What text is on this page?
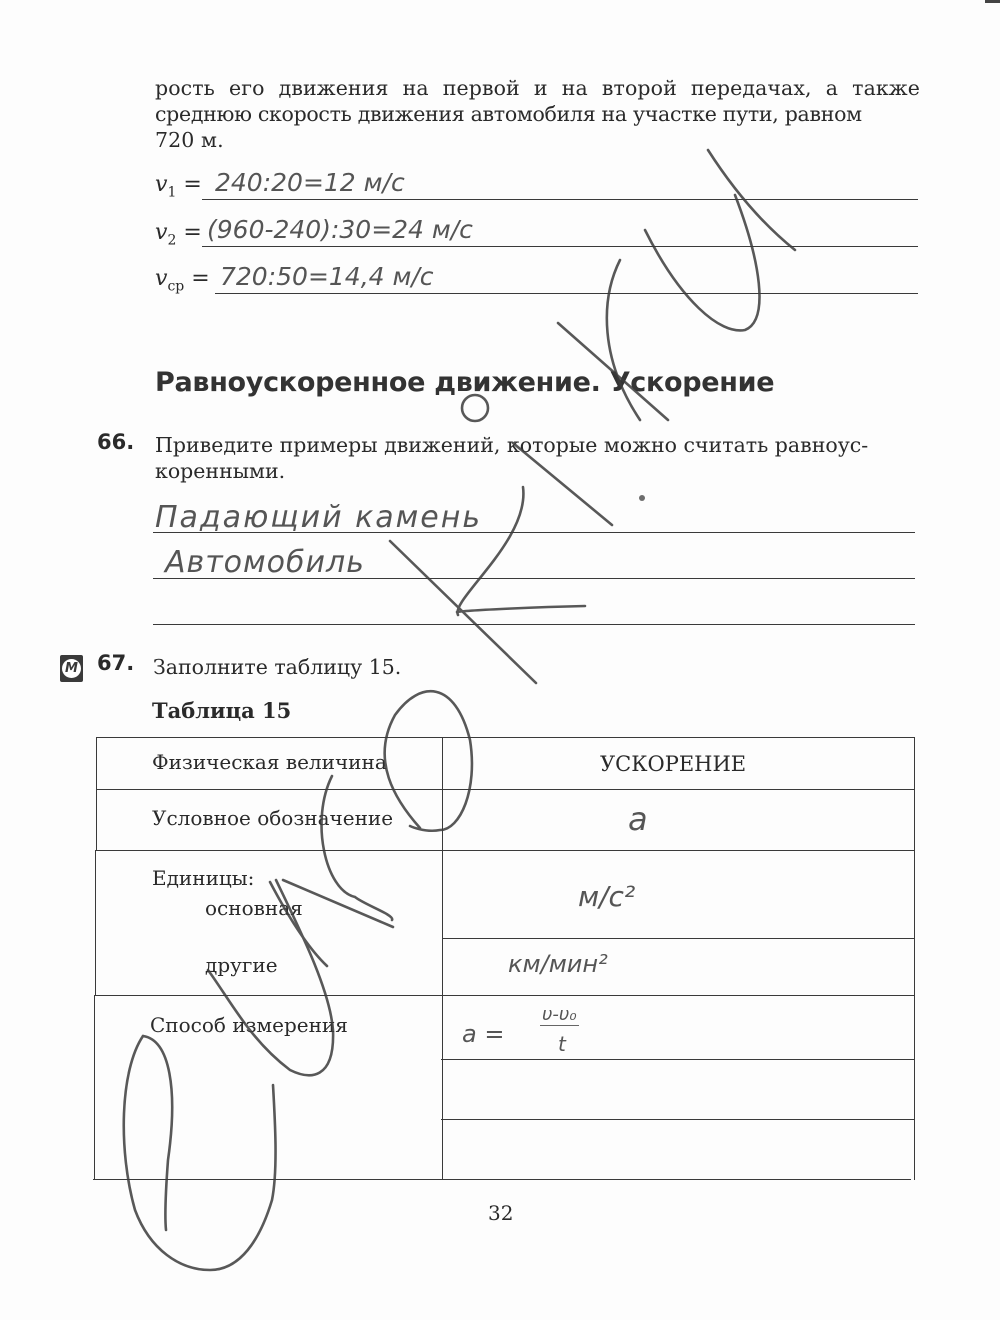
рость его движения на первой и на второй передачах, а также
среднюю скорость движения автомобиля на участке пути, равном
720 м.
$v_1$ = 240:20=12 м/с
$v_2$ = (960-240):30=24 м/с
$v_{ср}$ = 720:50=14,4 м/с
Равноускоренное движение. Ускорение
66. Приведите примеры движений, которые можно считать равноус-
коренными.
Падающий камень
Автомобиль
М 67. Заполните таблицу 15.
Таблица 15
Физическая величина	УСКОРЕНИЕ
Условное обозначение	a
Единицы:
основная	м/с²
другие	км/мин²
Способ измерения	a =
υ-υ₀
t
32
